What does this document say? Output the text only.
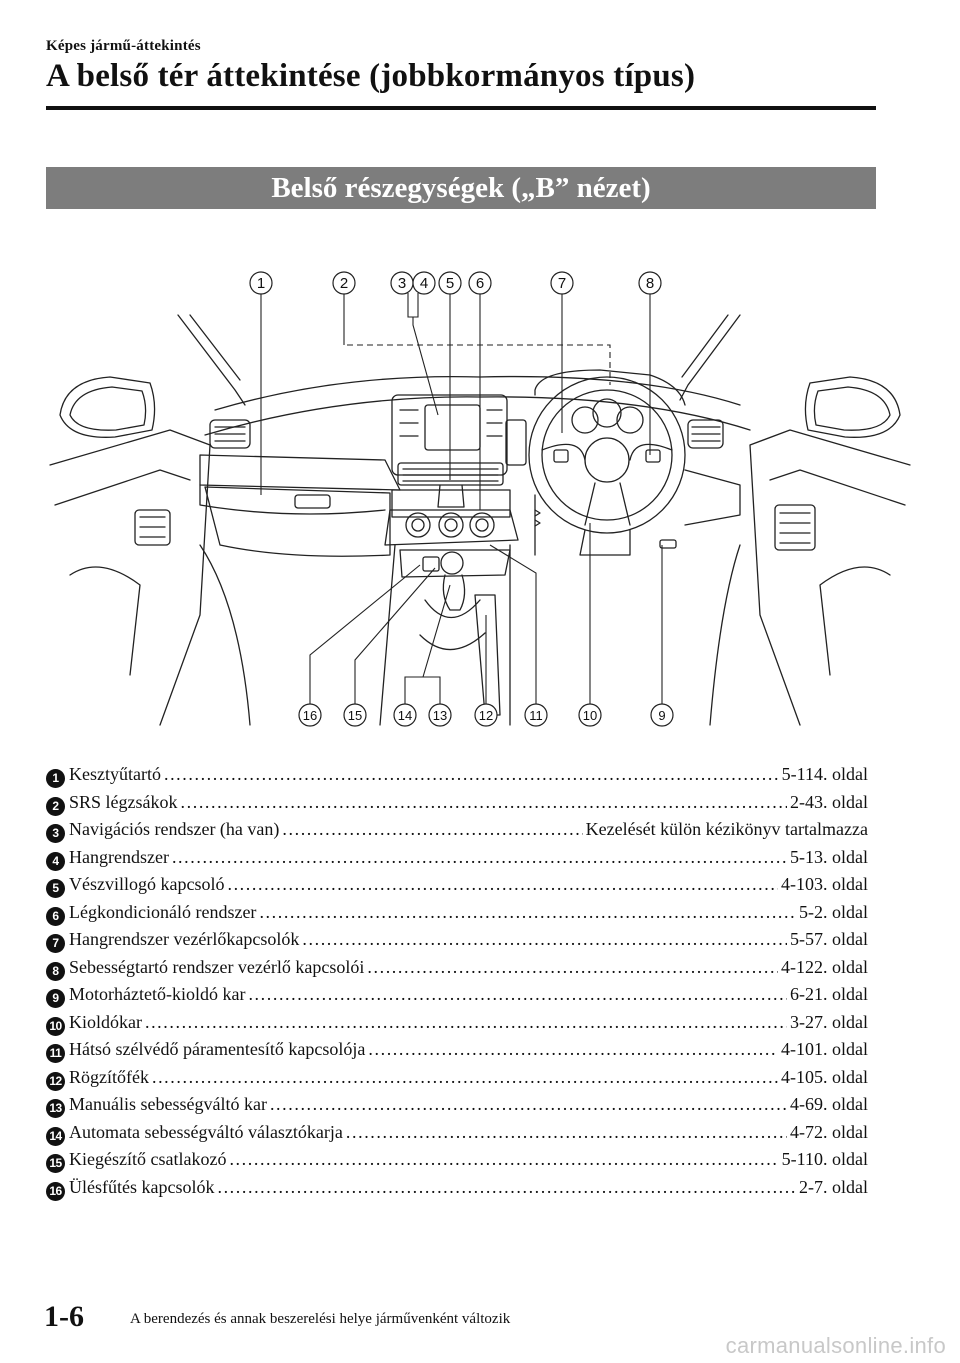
Képes jármű-áttekintés
A belső tér áttekintése (jobbkormányos típus)
Belső részegységek („B” nézet)
1	2	3 4 5 6	7	8
16 15	14 13 12	11	10	9
1 Kesztyűtartó .....	5-114. oldal
2 SRS légzsákok .....	2-43. oldal
3 Navigációs rendszer (ha van) .....	Kezelését külön kézikönyv tartalmazza
4 Hangrendszer .....	5-13. oldal
5 Vészvillogó kapcsoló .....	4-103. oldal
6 Légkondicionáló rendszer .....	5-2. oldal
7 Hangrendszer vezérlőkapcsolók .....	5-57. oldal
8 Sebességtartó rendszer vezérlő kapcsolói .....	4-122. oldal
9 Motorháztető-kioldó kar .....	6-21. oldal
10 Kioldókar .....	3-27. oldal
11 Hátsó szélvédő páramentesítő kapcsolója .....	4-101. oldal
12 Rögzítőfék .....	4-105. oldal
13 Manuális sebességváltó kar .....	4-69. oldal
14 Automata sebességváltó választókarja .....	4-72. oldal
15 Kiegészítő csatlakozó .....	5-110. oldal
16 Ülésfűtés kapcsolók .....	2-7. oldal
1-6	A berendezés és annak beszerelési helye járművenként változik
carmanualsonline.info
